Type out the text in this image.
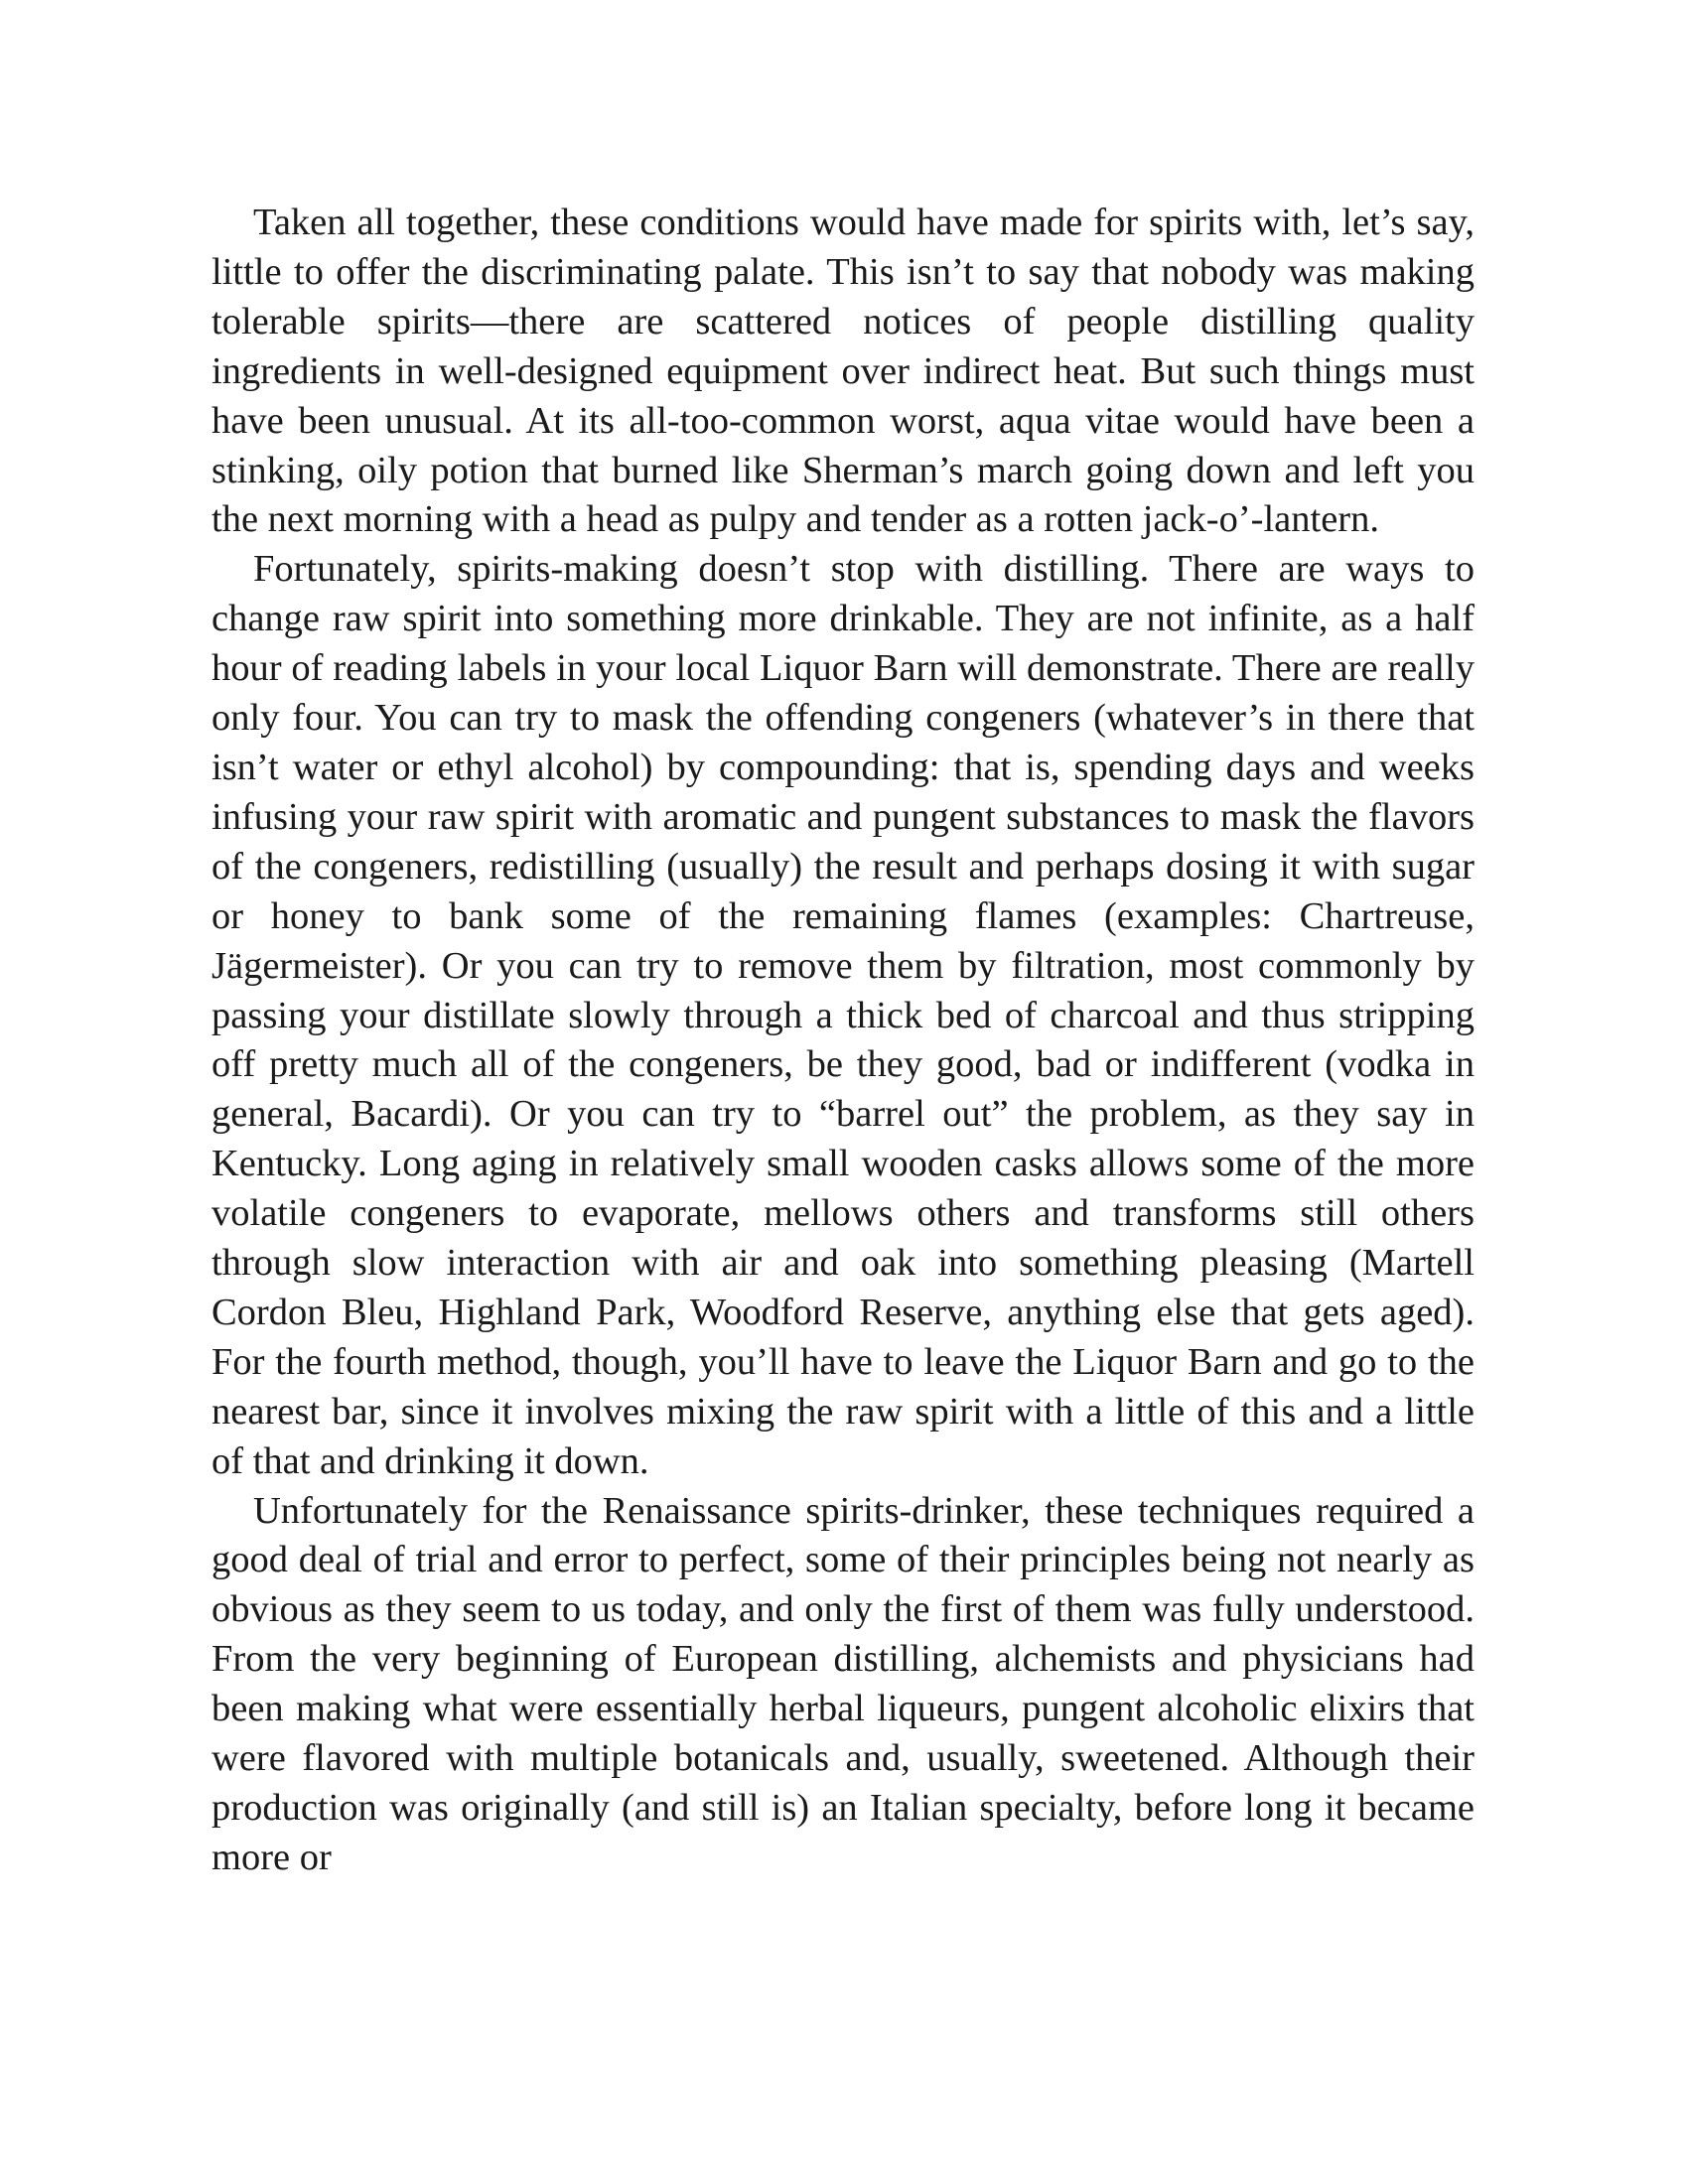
Taken all together, these conditions would have made for spirits with, let’s say, little to offer the discriminating palate. This isn’t to say that nobody was making tolerable spirits—there are scattered notices of people distilling quality ingredients in well-designed equipment over indirect heat. But such things must have been unusual. At its all-too-common worst, aqua vitae would have been a stinking, oily potion that burned like Sherman’s march going down and left you the next morning with a head as pulpy and tender as a rotten jack-o’-lantern.

Fortunately, spirits-making doesn’t stop with distilling. There are ways to change raw spirit into something more drinkable. They are not infinite, as a half hour of reading labels in your local Liquor Barn will demonstrate. There are really only four. You can try to mask the offending congeners (whatever’s in there that isn’t water or ethyl alcohol) by compounding: that is, spending days and weeks infusing your raw spirit with aromatic and pungent substances to mask the flavors of the congeners, redistilling (usually) the result and perhaps dosing it with sugar or honey to bank some of the remaining flames (examples: Chartreuse, Jägermeister). Or you can try to remove them by filtration, most commonly by passing your distillate slowly through a thick bed of charcoal and thus stripping off pretty much all of the congeners, be they good, bad or indifferent (vodka in general, Bacardi). Or you can try to “barrel out” the problem, as they say in Kentucky. Long aging in relatively small wooden casks allows some of the more volatile congeners to evaporate, mellows others and transforms still others through slow interaction with air and oak into something pleasing (Martell Cordon Bleu, Highland Park, Woodford Reserve, anything else that gets aged). For the fourth method, though, you’ll have to leave the Liquor Barn and go to the nearest bar, since it involves mixing the raw spirit with a little of this and a little of that and drinking it down.

Unfortunately for the Renaissance spirits-drinker, these techniques required a good deal of trial and error to perfect, some of their principles being not nearly as obvious as they seem to us today, and only the first of them was fully understood. From the very beginning of European distilling, alchemists and physicians had been making what were essentially herbal liqueurs, pungent alcoholic elixirs that were flavored with multiple botanicals and, usually, sweetened. Although their production was originally (and still is) an Italian specialty, before long it became more or
